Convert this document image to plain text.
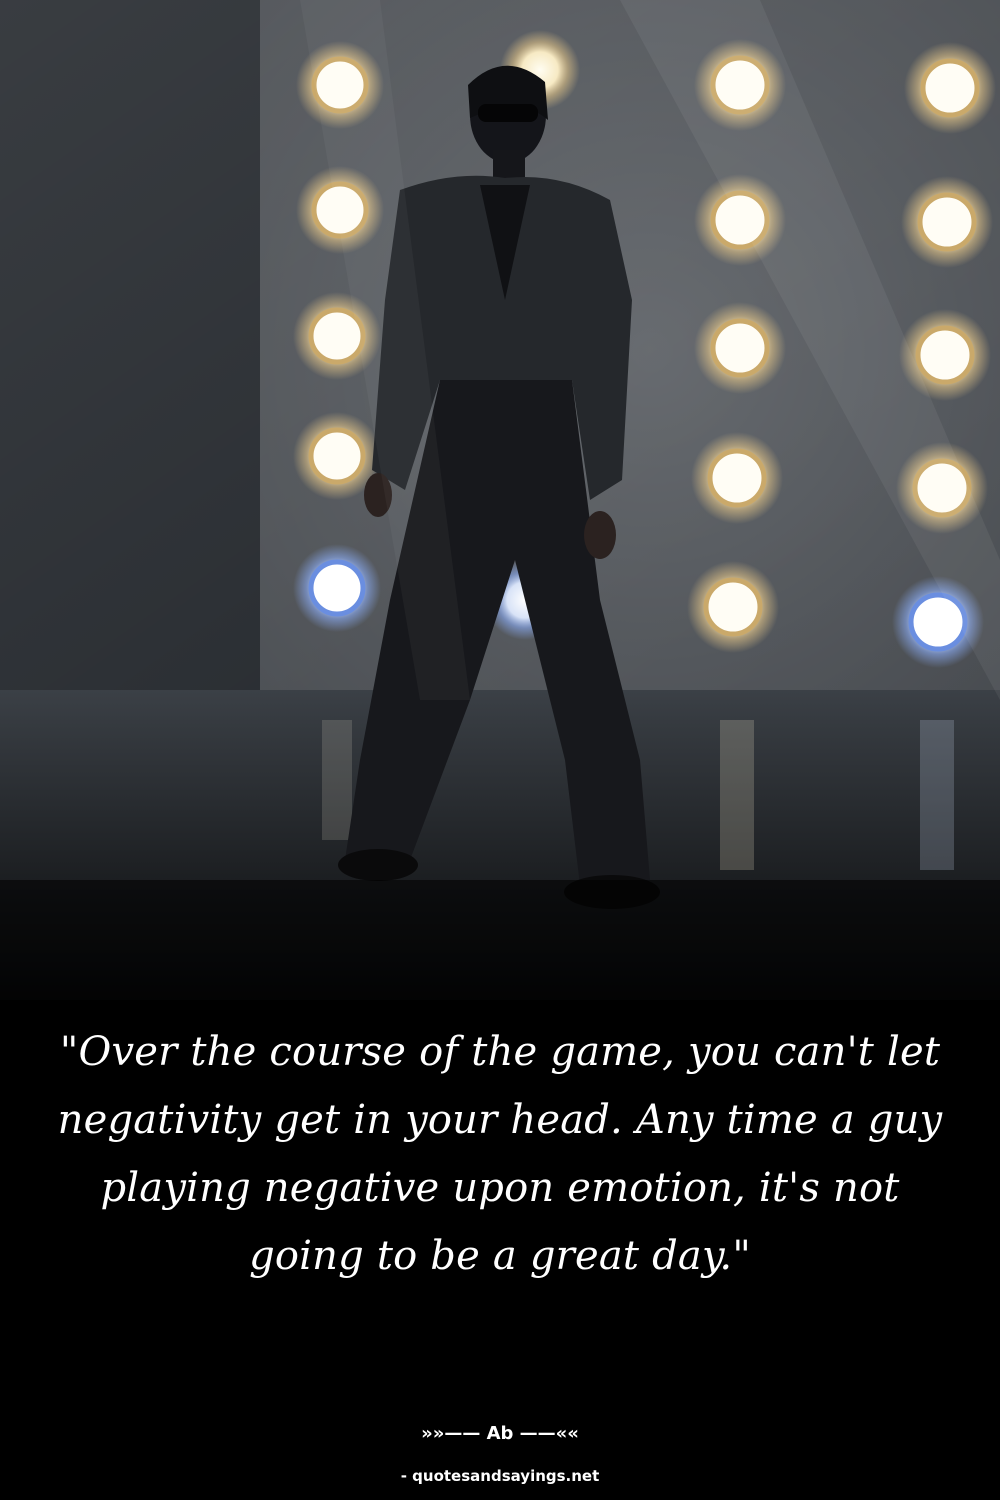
"Over the course of the game, you can't let negativity get in your head. Any time a guy playing negative upon emotion, it's not going to be a great day."
»»—— Ab ——««
- quotesandsayings.net
